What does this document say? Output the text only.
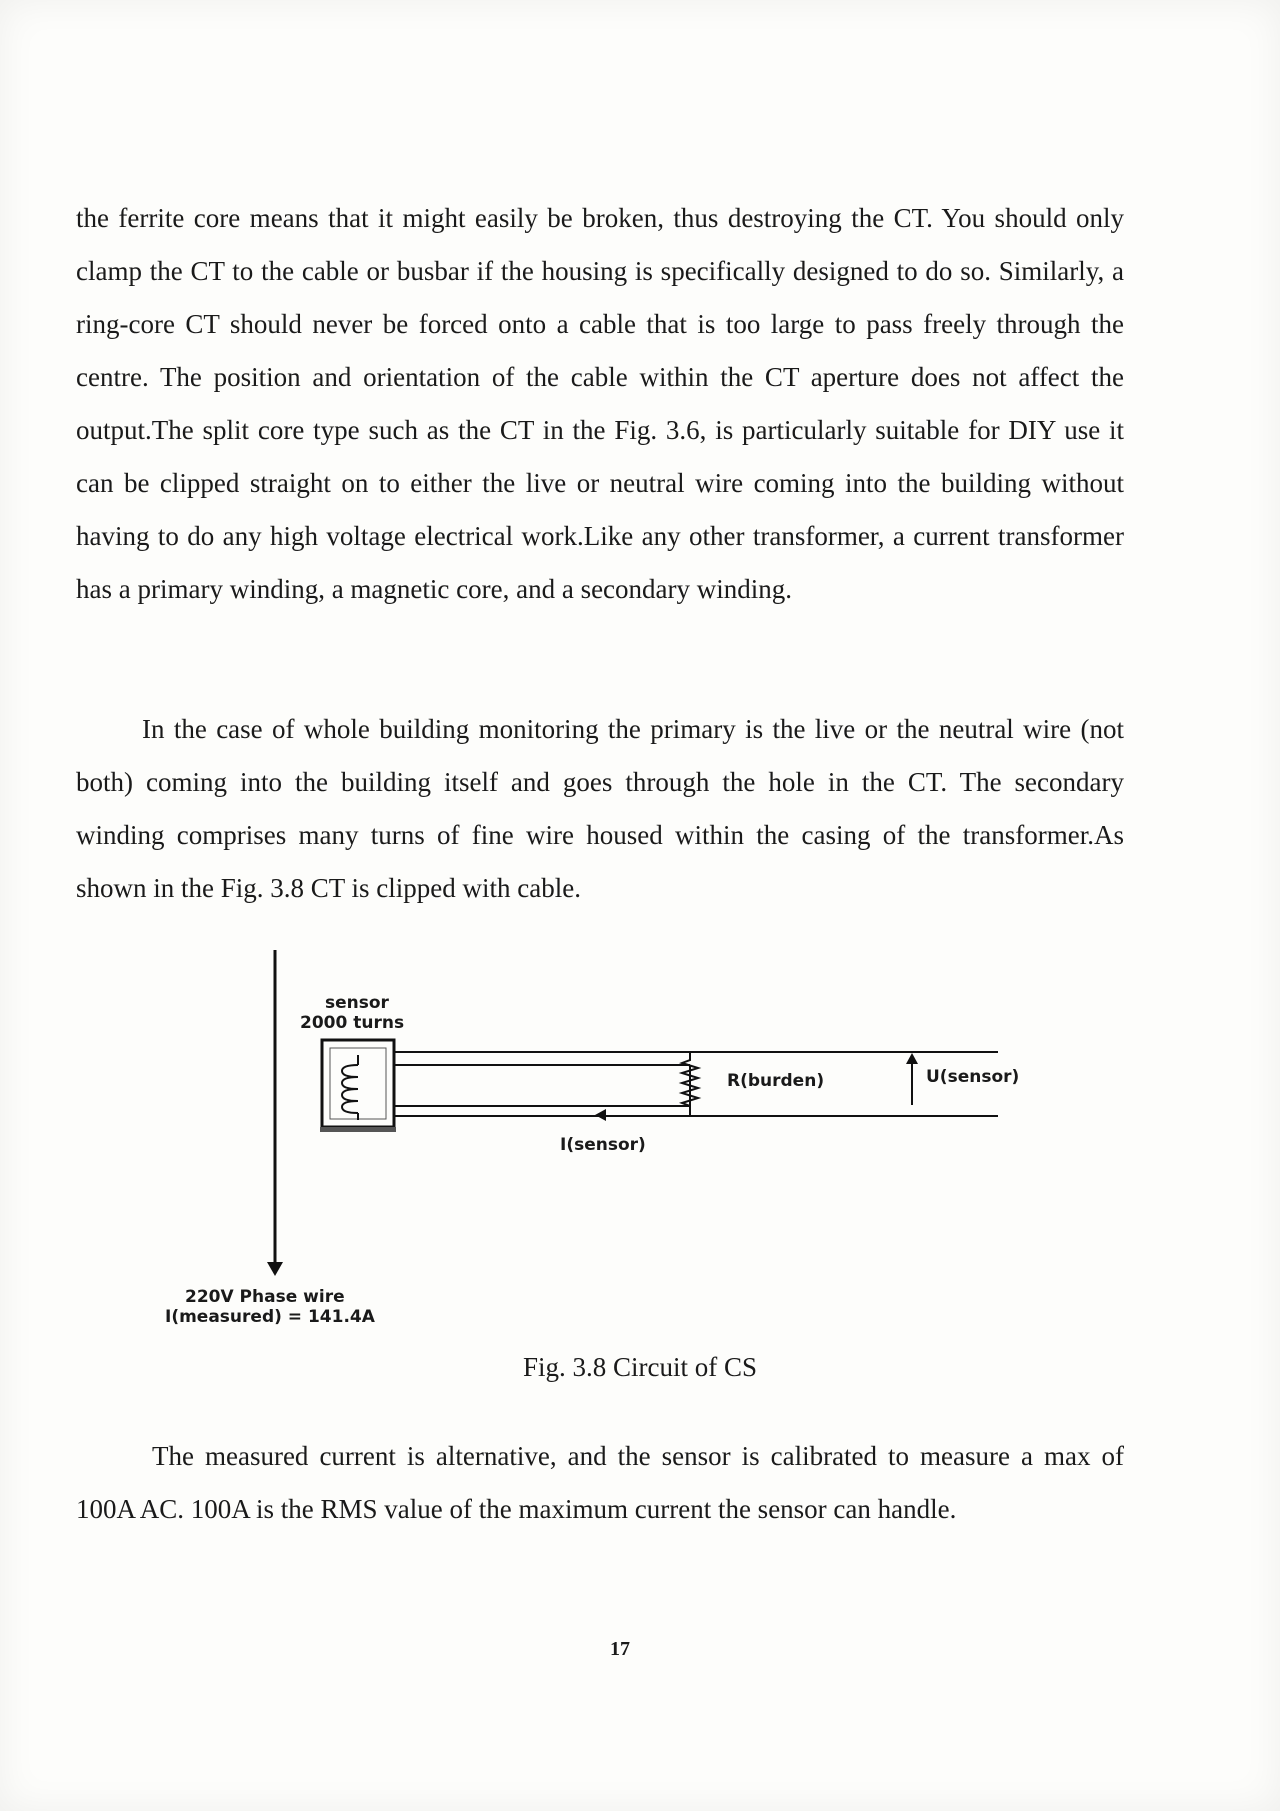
the ferrite core means that it might easily be broken, thus destroying the CT. You should only clamp the CT to the cable or busbar if the housing is specifically designed to do so. Similarly, a ring-core CT should never be forced onto a cable that is too large to pass freely through the centre. The position and orientation of the cable within the CT aperture does not affect the output.The split core type such as the CT in the Fig. 3.6, is particularly suitable for DIY use it can be clipped straight on to either the live or neutral wire coming into the building without having to do any high voltage electrical work.Like any other transformer, a current transformer has a primary winding, a magnetic core, and a secondary winding.

In the case of whole building monitoring the primary is the live or the neutral wire (not both) coming into the building itself and goes through the hole in the CT. The secondary winding comprises many turns of fine wire housed within the casing of the transformer.As shown in the Fig. 3.8 CT is clipped with cable.

sensor
2000 turns
R(burden)	U(sensor)
I(sensor)
220V Phase wire
I(measured) = 141.4A

Fig. 3.8 Circuit of CS

The measured current is alternative, and the sensor is calibrated to measure a max of 100A AC. 100A is the RMS value of the maximum current the sensor can handle.

17
